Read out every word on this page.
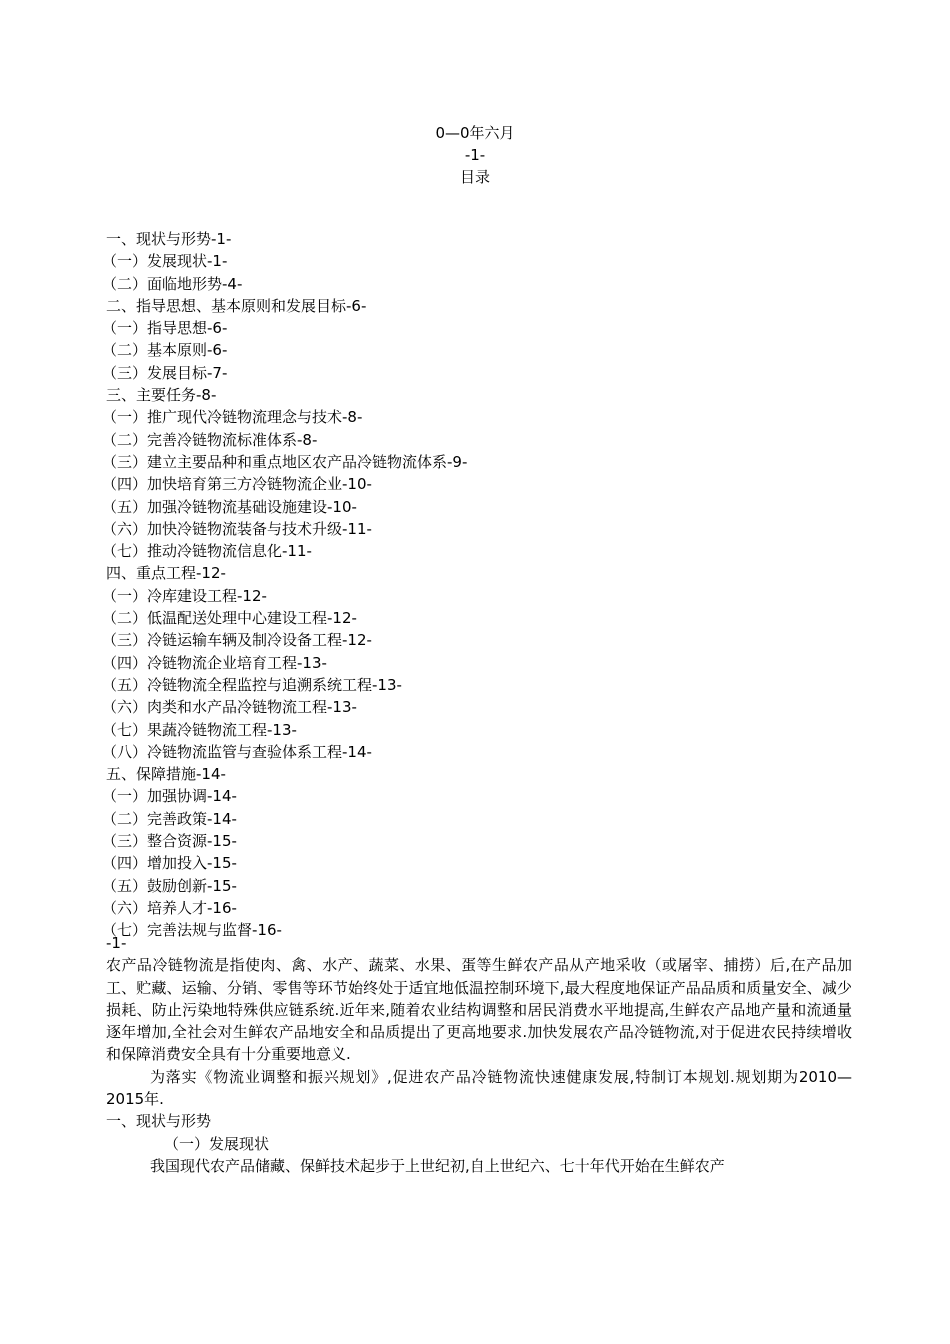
0—0年六月
-1-
目录
一、现状与形势-1-
（一）发展现状-1-
（二）面临地形势-4-
二、指导思想、基本原则和发展目标-6-
（一）指导思想-6-
（二）基本原则-6-
（三）发展目标-7-
三、主要任务-8-
（一）推广现代冷链物流理念与技术-8-
（二）完善冷链物流标准体系-8-
（三）建立主要品种和重点地区农产品冷链物流体系-9-
（四）加快培育第三方冷链物流企业-10-
（五）加强冷链物流基础设施建设-10-
（六）加快冷链物流装备与技术升级-11-
（七）推动冷链物流信息化-11-
四、重点工程-12-
（一）冷库建设工程-12-
（二）低温配送处理中心建设工程-12-
（三）冷链运输车辆及制冷设备工程-12-
（四）冷链物流企业培育工程-13-
（五）冷链物流全程监控与追溯系统工程-13-
（六）肉类和水产品冷链物流工程-13-
（七）果蔬冷链物流工程-13-
（八）冷链物流监管与查验体系工程-14-
五、保障措施-14-
（一）加强协调-14-
（二）完善政策-14-
（三）整合资源-15-
（四）增加投入-15-
（五）鼓励创新-15-
（六）培养人才-16-
（七）完善法规与监督-16-

-1-

农产品冷链物流是指使肉、禽、水产、蔬菜、水果、蛋等生鲜农产品从产地采收（或屠宰、捕捞）后,在产品加工、贮藏、运输、分销、零售等环节始终处于适宜地低温控制环境下,最大程度地保证产品品质和质量安全、减少损耗、防止污染地特殊供应链系统.近年来,随着农业结构调整和居民消费水平地提高,生鲜农产品地产量和流通量逐年增加,全社会对生鲜农产品地安全和品质提出了更高地要求.加快发展农产品冷链物流,对于促进农民持续增收和保障消费安全具有十分重要地意义.

为落实《物流业调整和振兴规划》,促进农产品冷链物流快速健康发展,特制订本规划.规划期为2010—2015年.

一、现状与形势

（一）发展现状

我国现代农产品储藏、保鲜技术起步于上世纪初,自上世纪六、七十年代开始在生鲜农产
